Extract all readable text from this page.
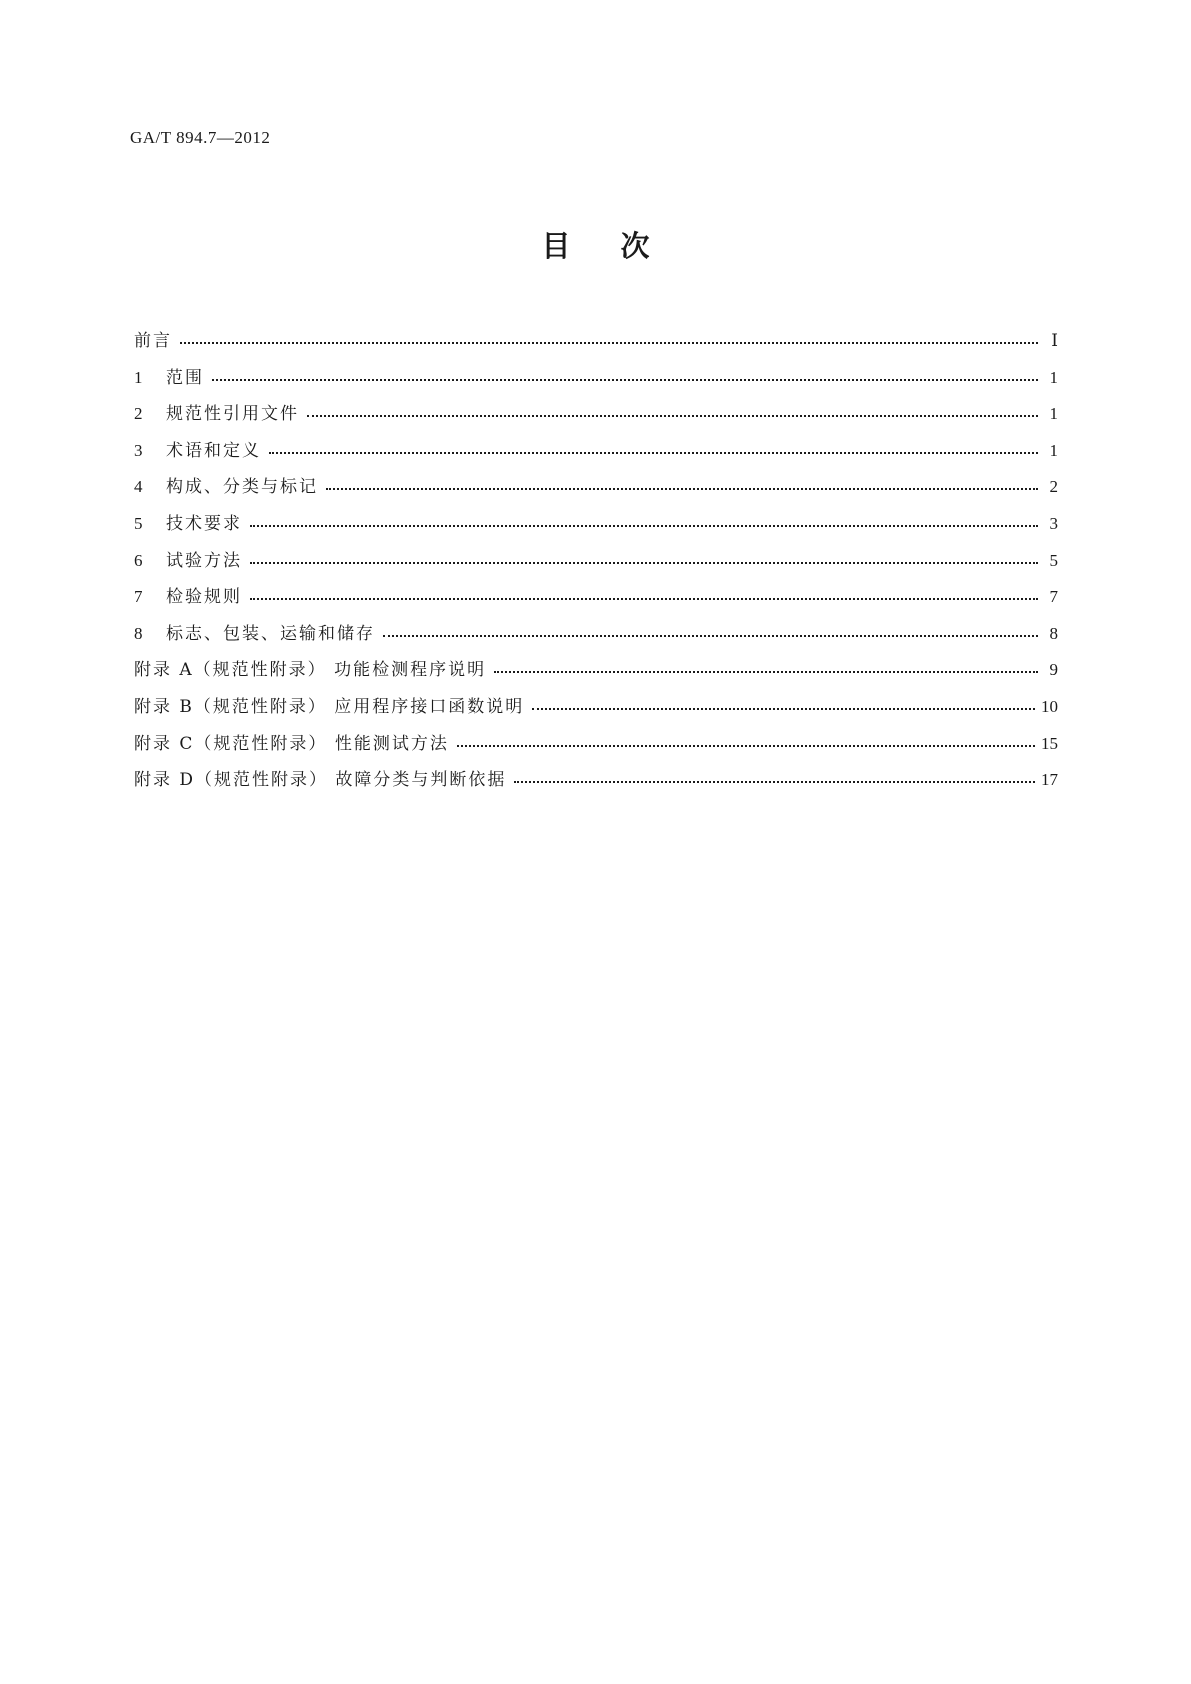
GA/T 894.7—2012
目次
前言	Ⅰ
1	范围	1
2	规范性引用文件	1
3	术语和定义	1
4	构成、分类与标记	2
5	技术要求	3
6	试验方法	5
7	检验规则	7
8	标志、包装、运输和储存	8
附录 A（规范性附录） 功能检测程序说明	9
附录 B（规范性附录） 应用程序接口函数说明	10
附录 C（规范性附录） 性能测试方法	15
附录 D（规范性附录） 故障分类与判断依据	17
